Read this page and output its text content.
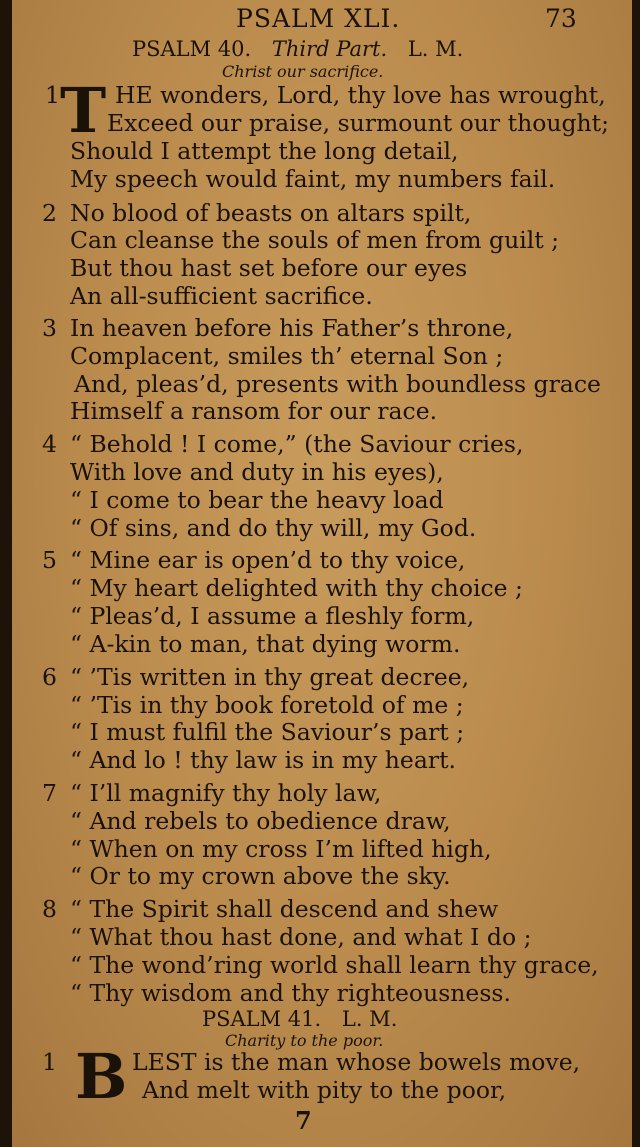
PSALM XLI.	73
PSALM 40. Third Part. L. M.
Christ our sacrifice.
1 T HE wonders, Lord, thy love has wrought,
Exceed our praise, surmount our thought;
Should I attempt the long detail,
My speech would faint, my numbers fail.
2 No blood of beasts on altars spilt,
Can cleanse the souls of men from guilt ;
But thou hast set before our eyes
An all-sufficient sacrifice.
3 In heaven before his Father’s throne,
Complacent, smiles th’ eternal Son ;
And, pleas’d, presents with boundless grace
Himself a ransom for our race.
4 “ Behold ! I come,” (the Saviour cries,
With love and duty in his eyes),
“ I come to bear the heavy load
“ Of sins, and do thy will, my God.
5 “ Mine ear is open’d to thy voice,
“ My heart delighted with thy choice ;
“ Pleas’d, I assume a fleshly form,
“ A-kin to man, that dying worm.
6 “ ’Tis written in thy great decree,
“ ’Tis in thy book foretold of me ;
“ I must fulfil the Saviour’s part ;
“ And lo ! thy law is in my heart.
7 “ I’ll magnify thy holy law,
“ And rebels to obedience draw,
“ When on my cross I’m lifted high,
“ Or to my crown above the sky.
8 “ The Spirit shall descend and shew
“ What thou hast done, and what I do ;
“ The wond’ring world shall learn thy grace,
“ Thy wisdom and thy righteousness.
PSALM 41. L. M.
Charity to the poor.
1 B LEST is the man whose bowels move,
And melt with pity to the poor,
7
